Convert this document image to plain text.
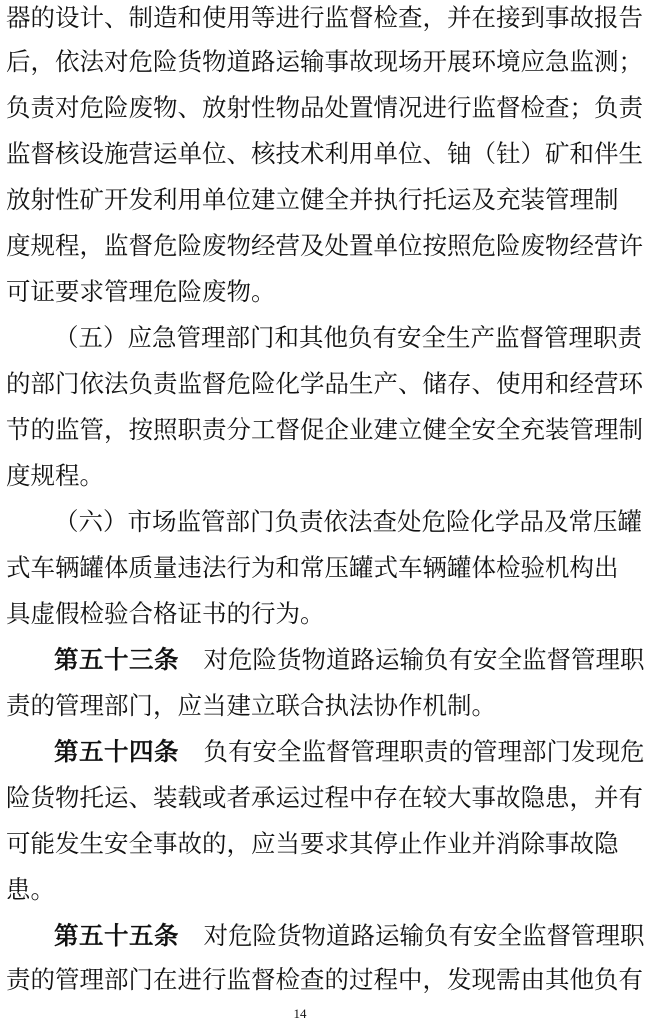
器的设计、制造和使用等进行监督检查，并在接到事故报告
后，依法对危险货物道路运输事故现场开展环境应急监测；
负责对危险废物、放射性物品处置情况进行监督检查；负责
监督核设施营运单位、核技术利用单位、铀（钍）矿和伴生
放射性矿开发利用单位建立健全并执行托运及充装管理制
度规程，监督危险废物经营及处置单位按照危险废物经营许
可证要求管理危险废物。
（五）应急管理部门和其他负有安全生产监督管理职责
的部门依法负责监督危险化学品生产、储存、使用和经营环
节的监管，按照职责分工督促企业建立健全安全充装管理制
度规程。
（六）市场监管部门负责依法查处危险化学品及常压罐
式车辆罐体质量违法行为和常压罐式车辆罐体检验机构出
具虚假检验合格证书的行为。
第五十三条　 对危险货物道路运输负有安全监督管理职
责的管理部门，应当建立联合执法协作机制。
第五十四条　 负有安全监督管理职责的管理部门发现危
险货物托运、装载或者承运过程中存在较大事故隐患，并有
可能发生安全事故的，应当要求其停止作业并消除事故隐
患。
第五十五条　 对危险货物道路运输负有安全监督管理职
责的管理部门在进行监督检查的过程中，发现需由其他负有
14
